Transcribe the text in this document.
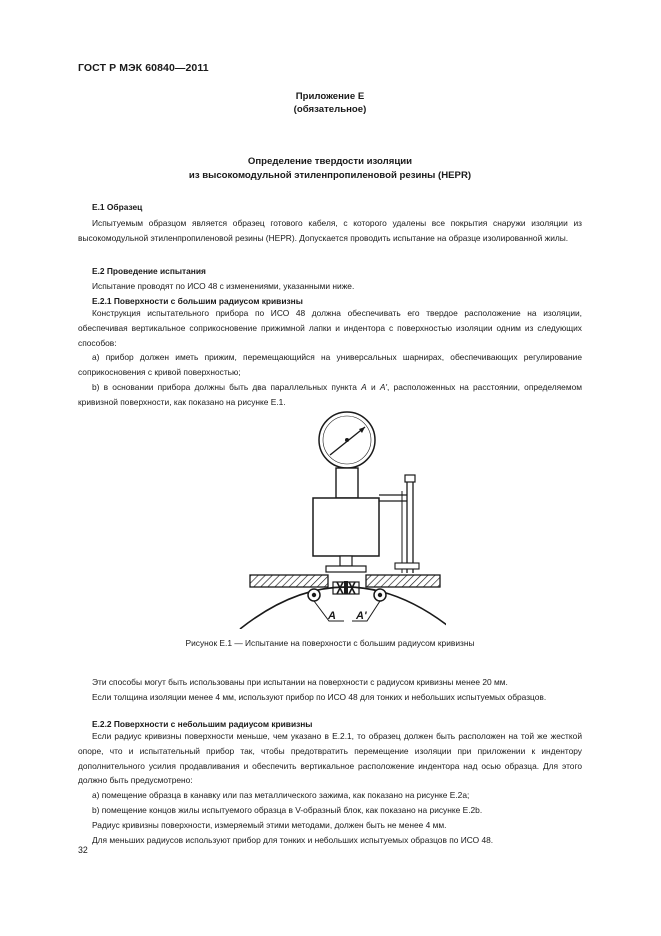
ГОСТ Р МЭК 60840—2011
Приложение Е
(обязательное)
Определение твердости изоляции
из высокомодульной этиленпропиленовой резины (HEPR)
Е.1 Образец

Испытуемым образцом является образец готового кабеля, с которого удалены все покрытия снаружи изоляции из высокомодульной этиленпропиленовой резины (HEPR). Допускается проводить испытание на образце изолированной жилы.

Е.2 Проведение испытания

Испытание проводят по ИСО 48 с изменениями, указанными ниже.

Е.2.1 Поверхности с большим радиусом кривизны

Конструкция испытательного прибора по ИСО 48 должна обеспечивать его твердое расположение на изоляции, обеспечивая вертикальное соприкосновение прижимной лапки и индентора с поверхностью изоляции одним из следующих способов:

a) прибор должен иметь прижим, перемещающийся на универсальных шарнирах, обеспечивающих регулирование соприкосновения с кривой поверхностью;

b) в основании прибора должны быть два параллельных пункта А и А', расположенных на расстоянии, определяемом кривизной поверхности, как показано на рисунке Е.1.

A A'
Рисунок Е.1 — Испытание на поверхности с большим радиусом кривизны

Эти способы могут быть использованы при испытании на поверхности с радиусом кривизны менее 20 мм.

Если толщина изоляции менее 4 мм, используют прибор по ИСО 48 для тонких и небольших испытуемых образцов.

Е.2.2 Поверхности с небольшим радиусом кривизны

Если радиус кривизны поверхности меньше, чем указано в Е.2.1, то образец должен быть расположен на той же жесткой опоре, что и испытательный прибор так, чтобы предотвратить перемещение изоляции при приложении к индентору дополнительного усилия продавливания и обеспечить вертикальное расположение индентора над осью образца. Для этого должно быть предусмотрено:

a) помещение образца в канавку или паз металлического зажима, как показано на рисунке Е.2а;

b) помещение концов жилы испытуемого образца в V-образный блок, как показано на рисунке Е.2b.

Радиус кривизны поверхности, измеряемый этими методами, должен быть не менее 4 мм.

Для меньших радиусов используют прибор для тонких и небольших испытуемых образцов по ИСО 48.

32
